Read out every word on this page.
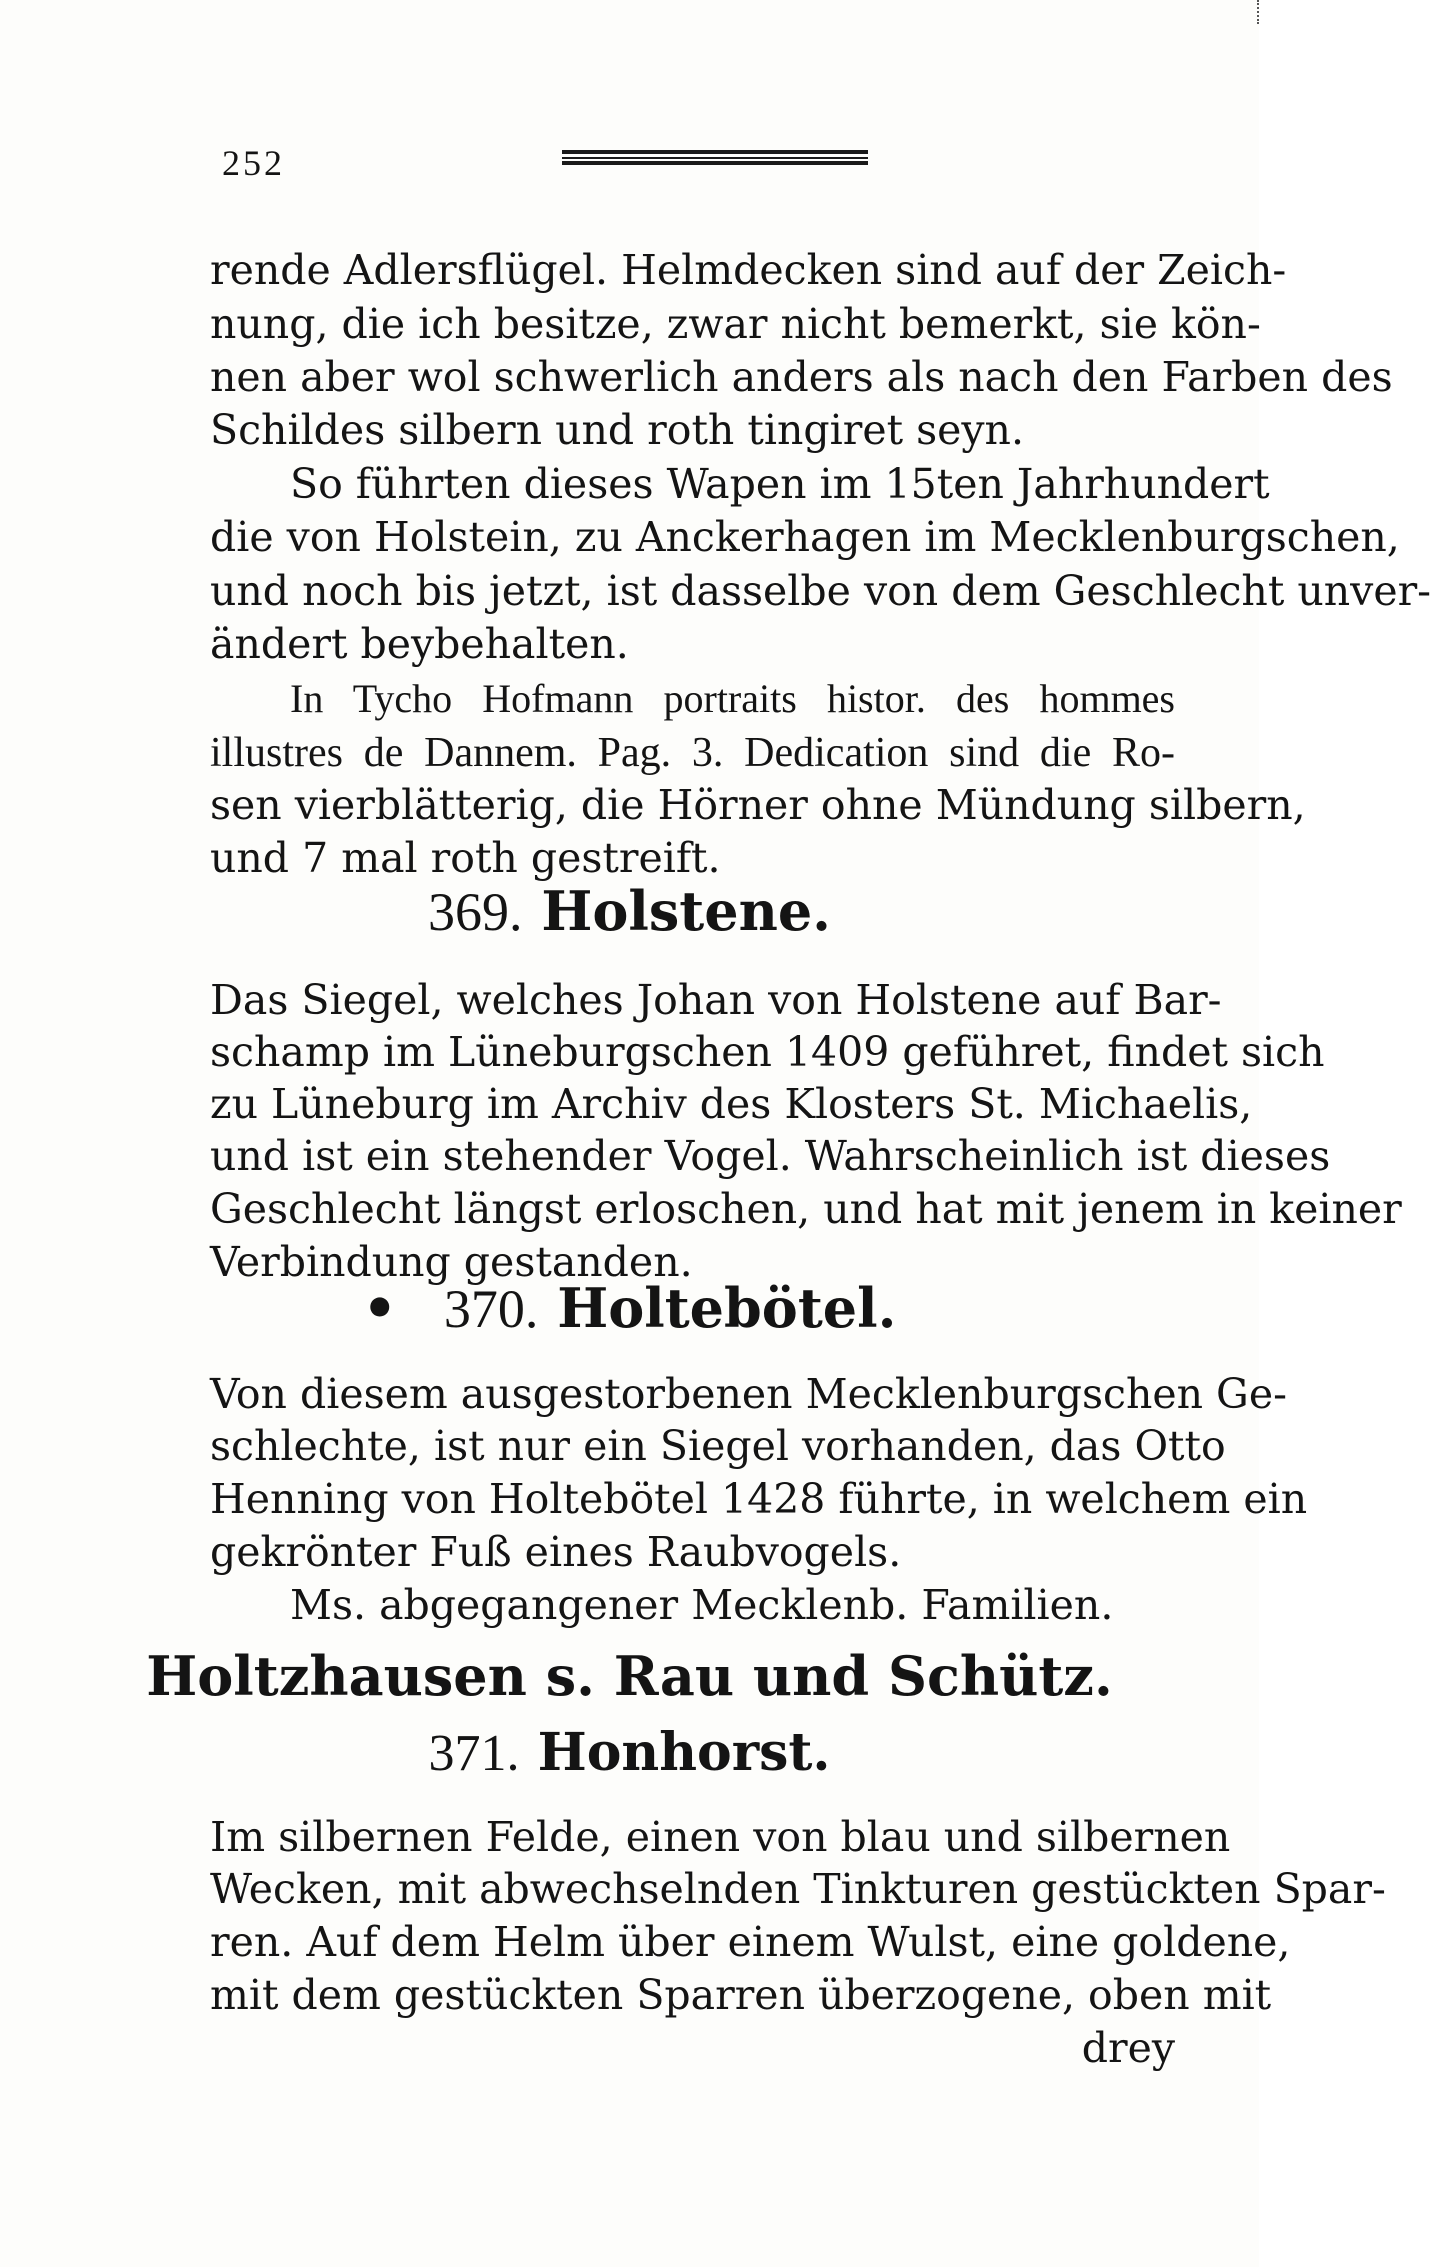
252
rende Adlersflügel. Helmdecken sind auf der Zeich-
nung, die ich besitze, zwar nicht bemerkt, sie kön-
nen aber wol schwerlich anders als nach den Farben des
Schildes silbern und roth tingiret seyn.
So führten dieses Wapen im 15ten Jahrhundert
die von Holstein, zu Anckerhagen im Mecklenburgschen,
und noch bis jetzt, ist dasselbe von dem Geschlecht unver-
ändert beybehalten.
In Tycho Hofmann portraits histor. des hommes
illustres de Dannem. Pag. 3. Dedication sind die Ro-
sen vierblätterig, die Hörner ohne Mündung silbern,
und 7 mal roth gestreift.
369. Holstene.
Das Siegel, welches Johan von Holstene auf Bar-
schamp im Lüneburgschen 1409 geführet, findet sich
zu Lüneburg im Archiv des Klosters St. Michaelis,
und ist ein stehender Vogel. Wahrscheinlich ist dieses
Geschlecht längst erloschen, und hat mit jenem in keiner
Verbindung gestanden.
• 370. Holtebötel.
Von diesem ausgestorbenen Mecklenburgschen Ge-
schlechte, ist nur ein Siegel vorhanden, das Otto
Henning von Holtebötel 1428 führte, in welchem ein
gekrönter Fuß eines Raubvogels.
Ms. abgegangener Mecklenb. Familien.
Holtzhausen s. Rau und Schütz.
371. Honhorst.
Im silbernen Felde, einen von blau und silbernen
Wecken, mit abwechselnden Tinkturen gestückten Spar-
ren. Auf dem Helm über einem Wulst, eine goldene,
mit dem gestückten Sparren überzogene, oben mit
drey
